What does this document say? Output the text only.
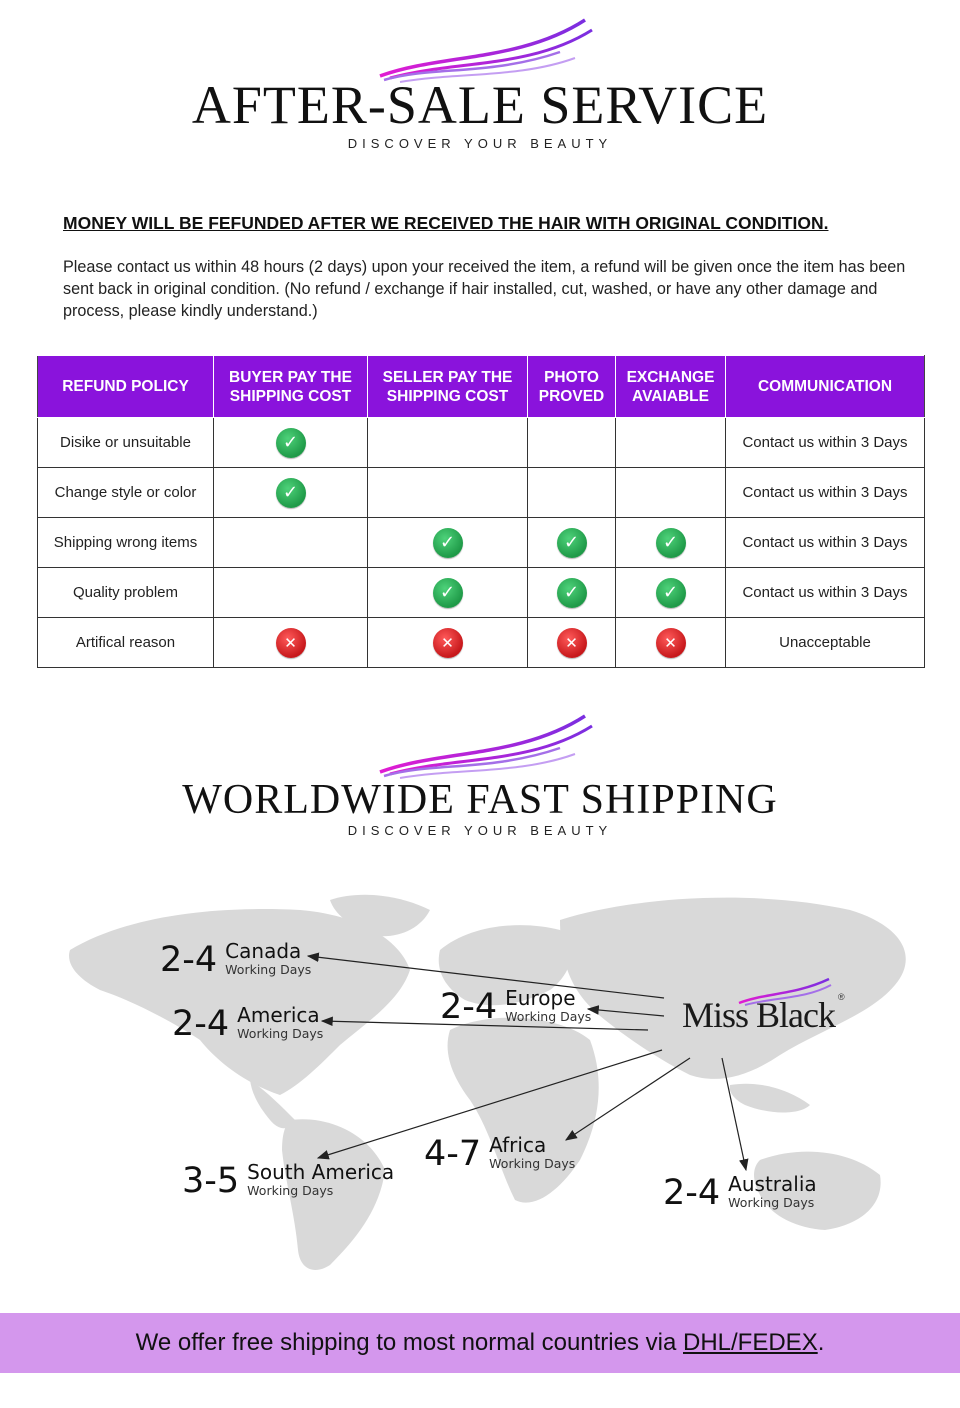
AFTER-SALE SERVICE
DISCOVER YOUR BEAUTY
MONEY WILL BE FEFUNDED AFTER WE RECEIVED THE HAIR WITH ORIGINAL CONDITION.
Please contact us within 48 hours (2 days) upon your received the item, a refund will be given once the item has been sent back in original condition. (No refund / exchange if hair installed, cut, washed, or have any other damage and process, please kindly understand.)
REFUND POLICY	BUYER PAY THE SHIPPING COST	SELLER PAY THE SHIPPING COST	PHOTO PROVED	EXCHANGE AVAIABLE	COMMUNICATION
Disike or unsuitable	✓				Contact us within 3 Days
Change style or color	✓				Contact us within 3 Days
Shipping wrong items		✓	✓	✓	Contact us within 3 Days
Quality problem		✓	✓	✓	Contact us within 3 Days
Artifical reason	✕	✕	✕	✕	Unacceptable
WORLDWIDE FAST SHIPPING
DISCOVER YOUR BEAUTY
2-4 Canada
Working Days
2-4 America
Working Days
2-4 Europe
Working Days
3-5 South America
Working Days
4-7 Africa
Working Days
2-4 Australia
Working Days
Miss Black ®
We offer free shipping to most normal countries via DHL/FEDEX.
